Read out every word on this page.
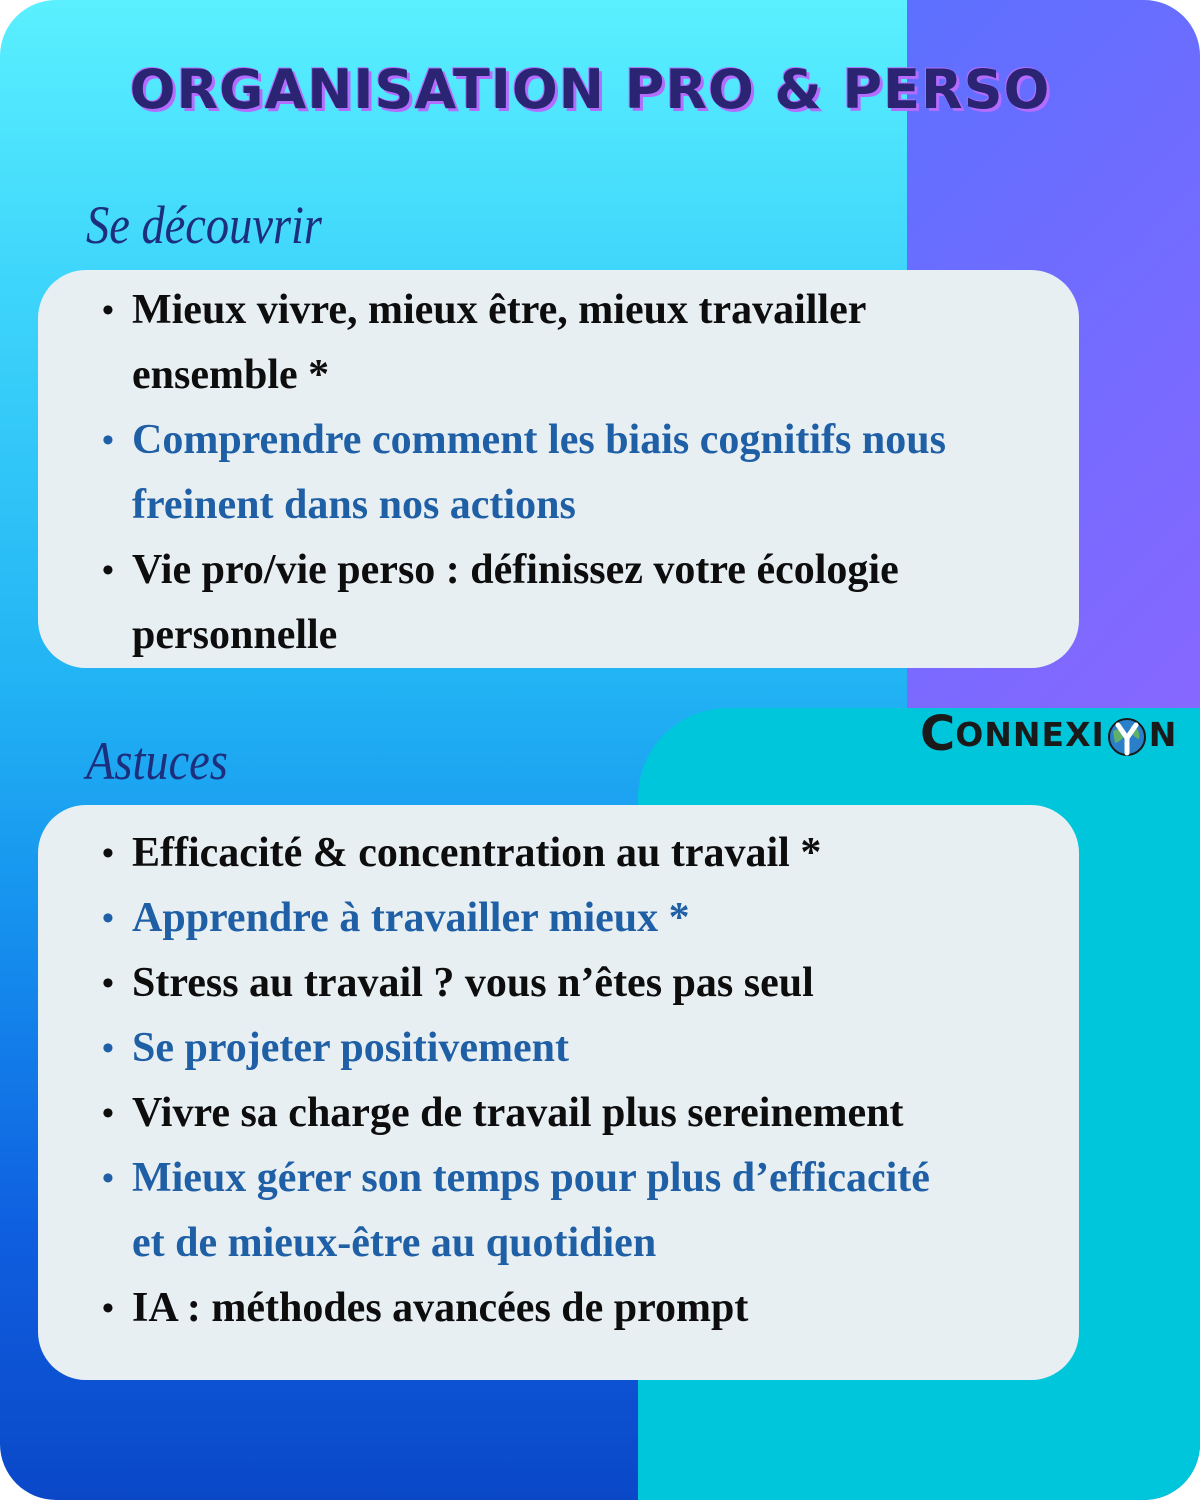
ORGANISATION PRO & PERSO
Se découvrir
• Mieux vivre, mieux être, mieux travailler
ensemble *
• Comprendre comment les biais cognitifs nous
freinent dans nos actions
• Vie pro/vie perso : définissez votre écologie
personnelle
C ONNEXI N
Astuces
• Efficacité & concentration au travail *
• Apprendre à travailler mieux *
• Stress au travail ? vous n’êtes pas seul
• Se projeter positivement
• Vivre sa charge de travail plus sereinement
• Mieux gérer son temps pour plus d’efficacité
et de mieux-être au quotidien
• IA : méthodes avancées de prompt
